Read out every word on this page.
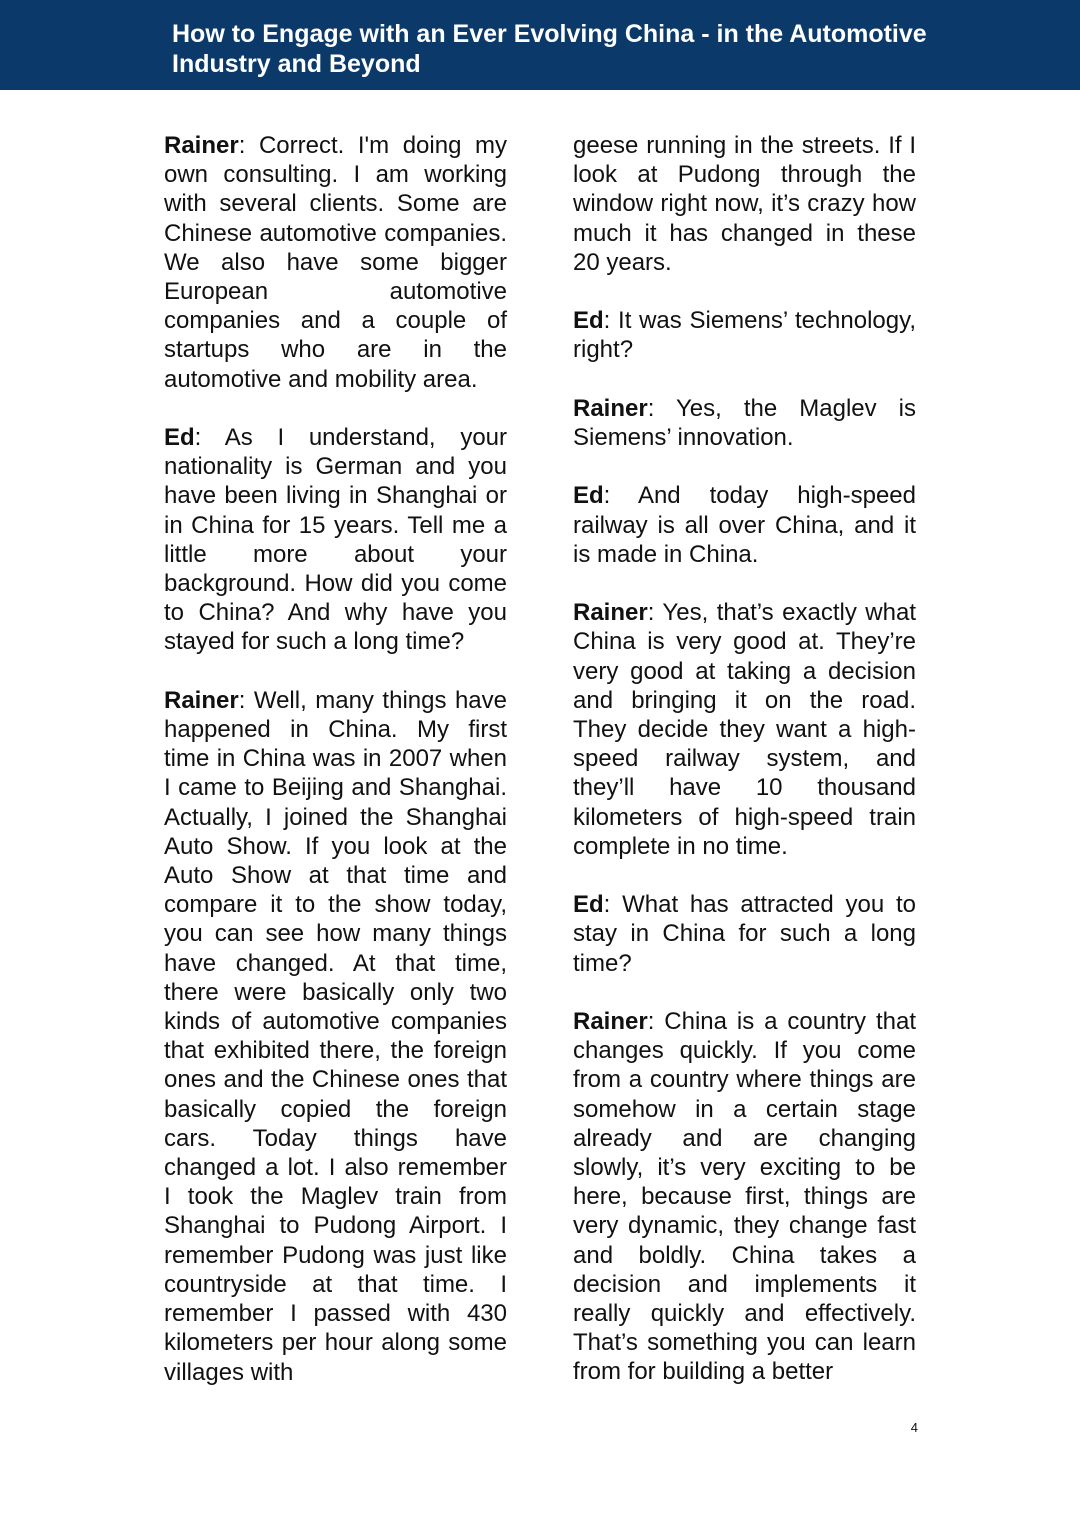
How to Engage with an Ever Evolving China - in the Automotive
Industry and Beyond

Rainer: Correct. I'm doing my own consulting. I am working with several clients. Some are Chinese automotive companies. We also have some bigger European automotive companies and a couple of startups who are in the automotive and mobility area.

Ed: As I understand, your nationality is German and you have been living in Shanghai or in China for 15 years. Tell me a little more about your background. How did you come to China? And why have you stayed for such a long time?

Rainer: Well, many things have happened in China. My first time in China was in 2007 when I came to Beijing and Shanghai. Actually, I joined the Shanghai Auto Show. If you look at the Auto Show at that time and compare it to the show today, you can see how many things have changed. At that time, there were basically only two kinds of automotive companies that exhibited there, the foreign ones and the Chinese ones that basically copied the foreign cars. Today things have changed a lot. I also remember I took the Maglev train from Shanghai to Pudong Airport. I remember Pudong was just like countryside at that time. I remember I passed with 430 kilometers per hour along some villages with

geese running in the streets. If I look at Pudong through the window right now, it’s crazy how much it has changed in these 20 years.

Ed: It was Siemens’ technology, right?

Rainer: Yes, the Maglev is Siemens’ innovation.

Ed: And today high-speed railway is all over China, and it is made in China.

Rainer: Yes, that’s exactly what China is very good at. They’re very good at taking a decision and bringing it on the road. They decide they want a high-speed railway system, and they’ll have 10 thousand kilometers of high-speed train complete in no time.

Ed: What has attracted you to stay in China for such a long time?

Rainer: China is a country that changes quickly. If you come from a country where things are somehow in a certain stage already and are changing slowly, it’s very exciting to be here, because first, things are very dynamic, they change fast and boldly. China takes a decision and implements it really quickly and effectively. That’s something you can learn from for building a better

4
